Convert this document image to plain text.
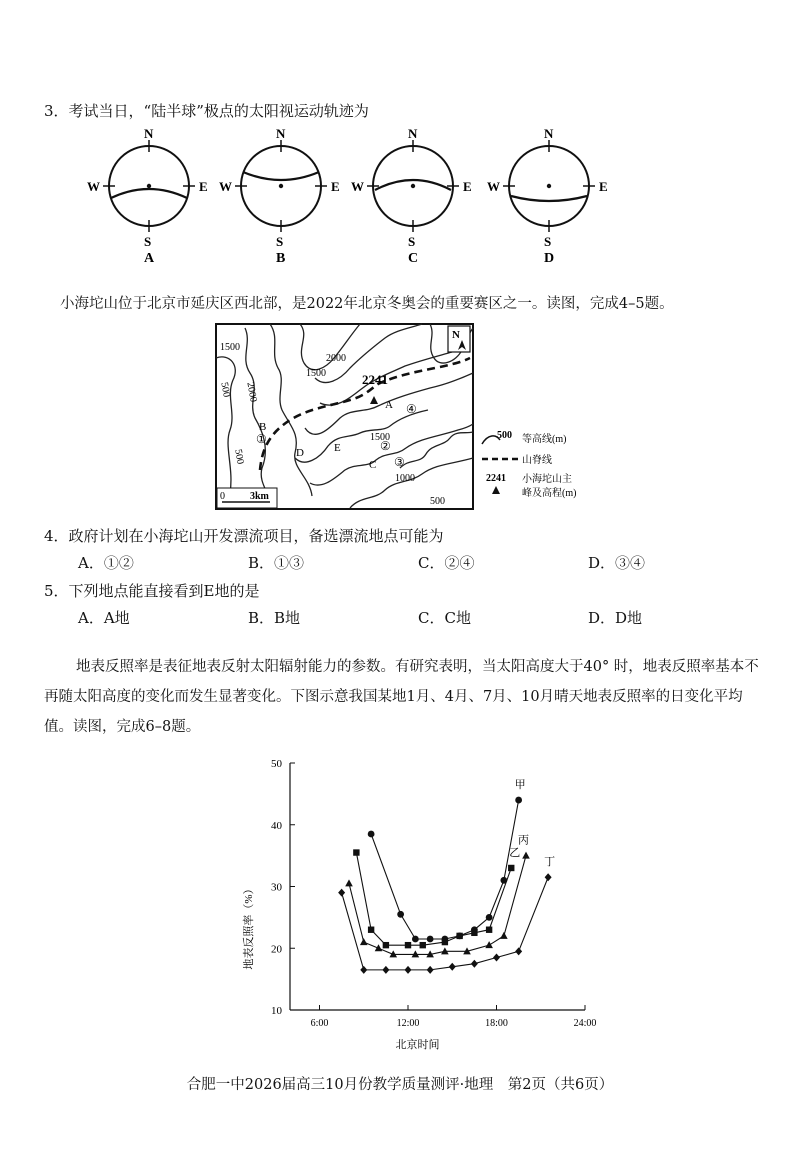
3．考试当日，“陆半球”极点的太阳视运动轨迹为
N
S
W	E
A
N
S
W	E
B
N
S
W	E
C
N
S
W	E
D
小海坨山位于北京市延庆区西北部，是2022年北京冬奥会的重要赛区之一。读图，完成4–5题。
2241
N
1500
500 2000
1500
2000
1500
500
1000
500
A
B
C
D	E
①	②
③
④
0	3km
500 等高线(m)
山脊线
2241 小海坨山主
峰及高程(m)
4．政府计划在小海坨山开发漂流项目，备选漂流地点可能为
A．①②	B．①③	C．②④	D．③④
5．下列地点能直接看到E地的是
A．A地	B．B地	C．C地	D．D地
地表反照率是表征地表反射太阳辐射能力的参数。有研究表明，当太阳高度大于40° 时，地表反照率基本不再随太阳高度的变化而发生显著变化。下图示意我国某地1月、4月、7月、10月晴天地表反照率的日变化平均值。读图，完成6–8题。
10
20
30
40
50
6:00	12:00	18:00	24:00
北京时间
地表反照率（%）
甲
乙
丙
丁
合肥一中2026届高三10月份教学质量测评·地理　第2页（共6页）
